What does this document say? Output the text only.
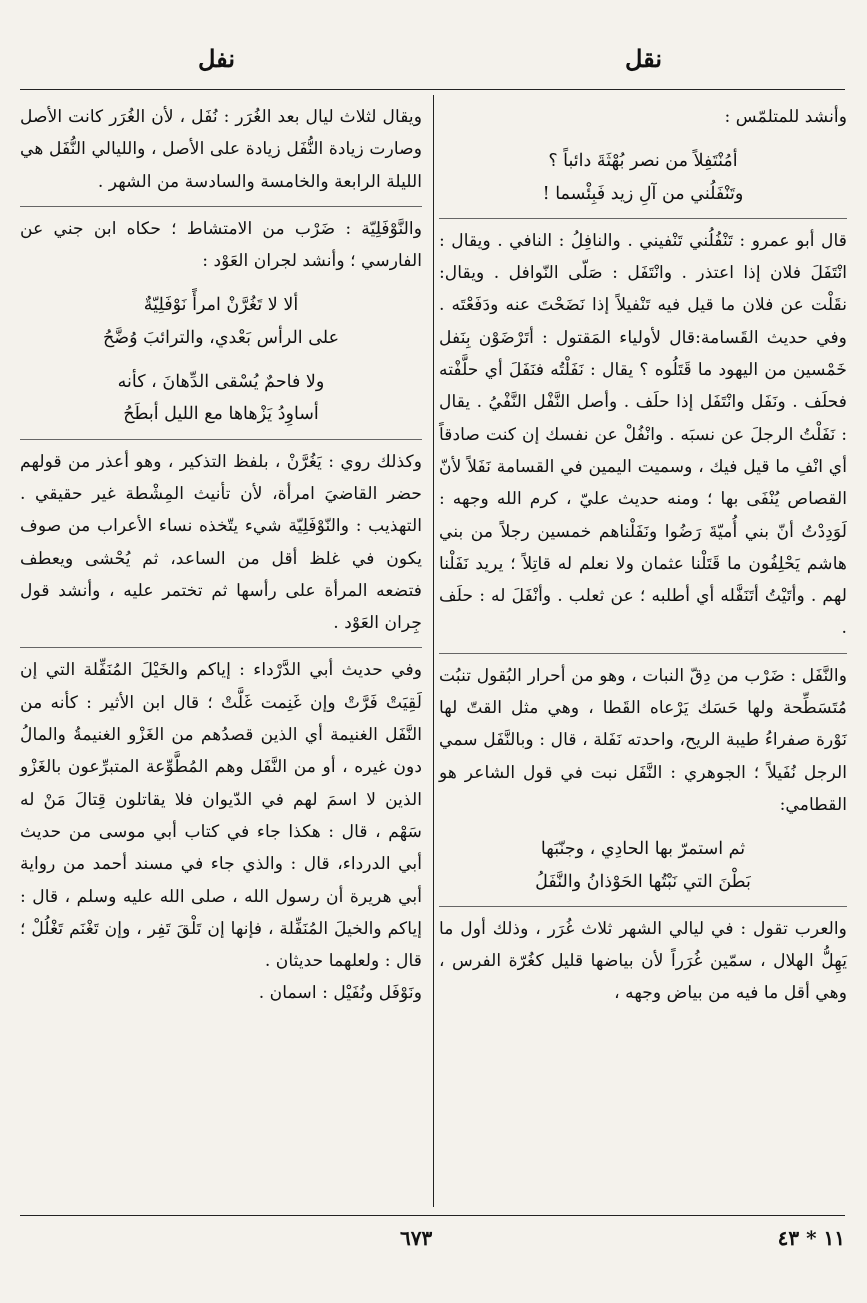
نقل
نفل

وأنشد للمتلمّس :

أمُنْتَفِلاً من نصر بُهْثَةَ دائباً ؟

وتَنْفَلُني من آلِ زيد فَبِئْسما !

قال أبو عمرو : تَنْفُلُني تَنْفيني . والنافِلُ : النافي . ويقال : انْتَفَلَ فلان إذا اعتذر . وانْتَفَل : صَلّى النّوافل . ويقال: نقَلْت عن فلان ما قيل فيه تَنْفيلاً إذا نَضَحْتَ عنه ودَفَعْتَه . وفي حديث القَسامة:قال لأولياء المَقتول : أتَرْضَوْن بِنَفل خَمْسين من اليهود ما قَتَلُوه ؟ يقال : نَفَلْتُه فنَفَلَ أي حلَّفْته فحلَف . ونَفَل وانْتَفَل إذا حلَف . وأصل النَّفْل النَّفْيُ . يقال : نَفَلْتُ الرجلَ عن نسبَه . وانْفُلْ عن نفسك إن كنت صادقاً أي انْفِ ما قيل فيك ، وسميت اليمين في القسامة نَفَلاً لأنّ القصاص يُنْفَى بها ؛ ومنه حديث عليّ ، كرم الله وجهه : لَوَدِدْتُ أنّ بني أُميّةَ رَضُوا ونَفَلْناهم خمسين رجلاً من بني هاشم يَحْلِفُون ما قَتَلْنا عثمان ولا نعلم له قاتِلاً ؛ يريد نَفَلْنا لهم . وأتَيْتُ أتَنَفَّله أي أطلبه ؛ عن ثعلب . وأنْفَلَ له : حلَف .

والنَّفَل : ضَرْب من دِقّ النبات ، وهو من أحرار البُقول تنبُت مُتَسَطِّحة ولها حَسَك يَرْعاه القَطا ، وهي مثل القتّ لها نَوْرة صفراءُ طيبة الريح، واحدته نَفَلة ، قال : وبالنَّفَل سمي الرجل نُفَيلاً ؛ الجوهري : النَّفَل نبت في قول الشاعر هو القطامي:

ثم استمرّ بها الحادِي ، وجنّبَها

بَطْنَ التي نَبْتُها الحَوْذانُ والنَّفَلُ

والعرب تقول : في ليالي الشهر ثلاث غُرَر ، وذلك أول ما يَهِلُّ الهلال ، سمّين غُرَراً لأن بياضها قليل كغُرّة الفرس ، وهي أقل ما فيه من بياض وجهه ،

ويقال لثلاث ليال بعد الغُرَر : نُفَل ، لأن الغُرَر كانت الأصل وصارت زيادة النُّفَل زيادة على الأصل ، والليالي النُّفَل هي الليلة الرابعة والخامسة والسادسة من الشهر .

والنَّوْفَلِيّة : ضَرْب من الامتشاط ؛ حكاه ابن جني عن الفارسي ؛ وأنشد لجران العَوْد :

ألا لا تَغُرَّنْ امرأً نَوْفَلِيّةٌ

على الرأس بَعْدي، والترائبَ وُضَّحُ

ولا فاحمٌ يُسْقى الدِّهانَ ، كأنه

أساوِدُ يَزْهاها مع الليل أبطَحُ

وكذلك روي : يَغُرَّنْ ، بلفظ التذكير ، وهو أعذر من قولهم حضر القاضيَ امرأة، لأن تأنيث المِشْطة غير حقيقي . التهذيب : والنّوْفَلِيّة شيء يتّخذه نساء الأعراب من صوف يكون في غلظ أقل من الساعد، ثم يُحْشى ويعطف فتضعه المرأة على رأسها ثم تختمر عليه ، وأنشد قول جِران العَوْد .

وفي حديث أبي الدَّرْداء : إياكم والخَيْلَ المُنَفِّلة التي إن لَقِيَتْ فَرَّتْ وإن غَنِمت غَلَّتْ ؛ قال ابن الأثير : كأنه من النَّفَل الغنيمة أي الذين قصدُهم من الغَزْو الغنيمةُ والمالُ دون غيره ، أو من النَّفَل وهم المُطَّوِّعة المتبرِّعون بالغَزْو الذين لا اسمَ لهم في الدّيوان فلا يقاتلون قِتالَ مَنْ له سَهْم ، قال : هكذا جاء في كتاب أبي موسى من حديث أبي الدرداء، قال : والذي جاء في مسند أحمد من رواية أبي هريرة أن رسول الله ، صلى الله عليه وسلم ، قال : إياكم والخيلَ المُنَفِّلة ، فإنها إن تَلْقَ تَفِر ، وإن تَغْنَم تَغْلُلْ ؛ قال : ولعلهما حديثان .

ونَوْفَل ونُفَيْل : اسمان .

٦٧٣	١١ * ٤٣
